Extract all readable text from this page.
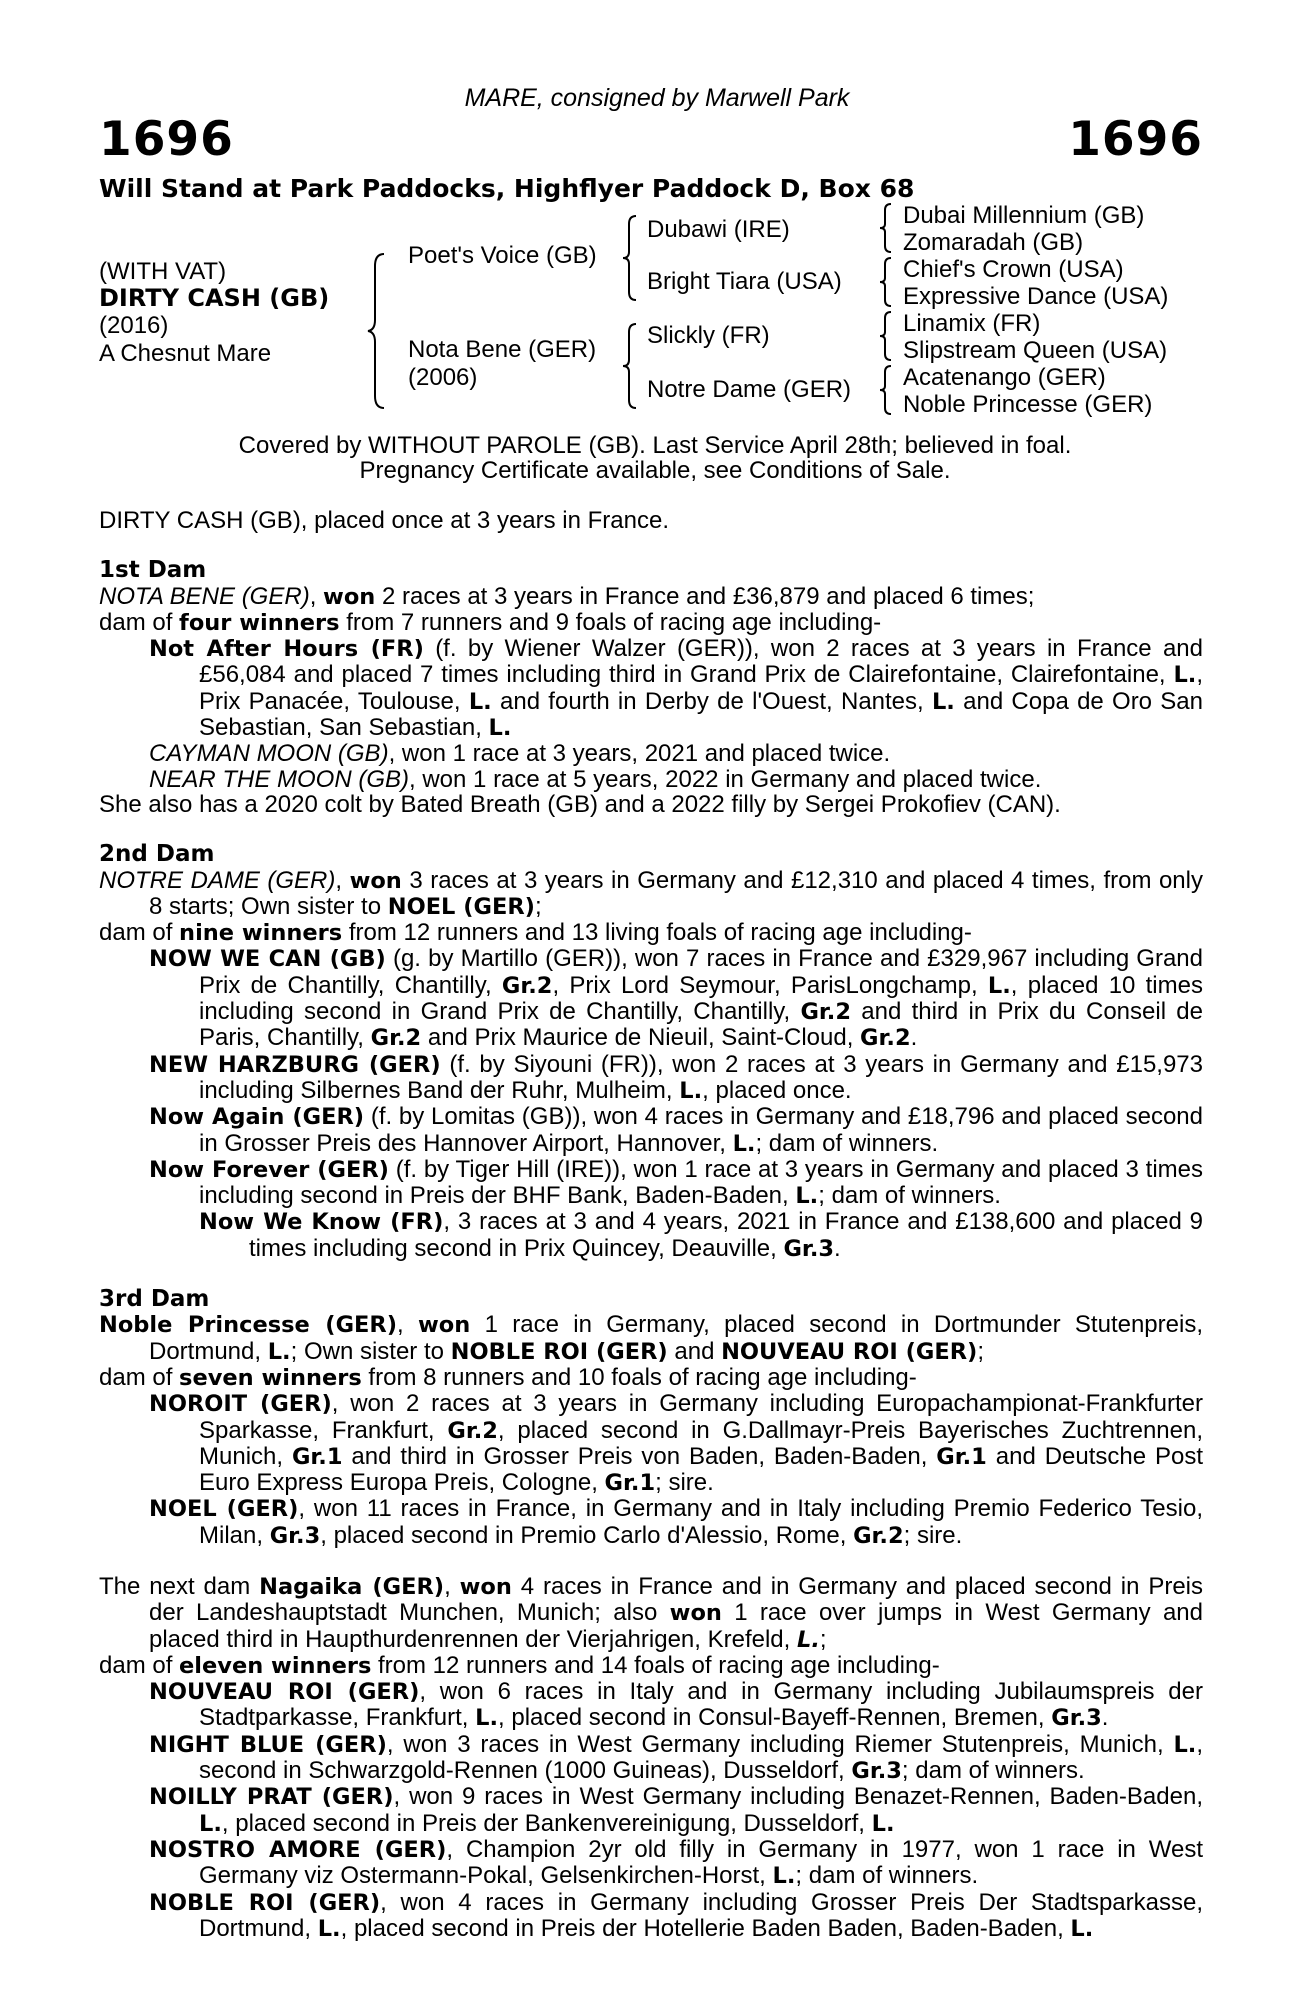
MARE, consigned by Marwell Park
1696	1696
Will Stand at Park Paddocks, Highflyer Paddock D, Box 68
(WITH VAT)
DIRTY CASH (GB)
(2016)
A Chesnut Mare
Poet's Voice (GB)
Nota Bene (GER)
(2006)
Dubawi (IRE)
Bright Tiara (USA)
Slickly (FR)
Notre Dame (GER)
Dubai Millennium (GB)
Zomaradah (GB)
Chief's Crown (USA)
Expressive Dance (USA)
Linamix (FR)
Slipstream Queen (USA)
Acatenango (GER)
Noble Princesse (GER)
Covered by WITHOUT PAROLE (GB). Last Service April 28th; believed in foal.
Pregnancy Certificate available, see Conditions of Sale.

DIRTY CASH (GB), placed once at 3 years in France.

1st Dam

NOTA BENE (GER), won 2 races at 3 years in France and £36,879 and placed 6 times;

dam of four winners from 7 runners and 9 foals of racing age including-

Not After Hours (FR) (f. by Wiener Walzer (GER)), won 2 races at 3 years in France and £56,084 and placed 7 times including third in Grand Prix de Clairefontaine, Clairefontaine, L., Prix Panacée, Toulouse, L. and fourth in Derby de l'Ouest, Nantes, L. and Copa de Oro San Sebastian, San Sebastian, L.

CAYMAN MOON (GB), won 1 race at 3 years, 2021 and placed twice.

NEAR THE MOON (GB), won 1 race at 5 years, 2022 in Germany and placed twice.

She also has a 2020 colt by Bated Breath (GB) and a 2022 filly by Sergei Prokofiev (CAN).

2nd Dam

NOTRE DAME (GER), won 3 races at 3 years in Germany and £12,310 and placed 4 times, from only 8 starts; Own sister to NOEL (GER);

dam of nine winners from 12 runners and 13 living foals of racing age including-

NOW WE CAN (GB) (g. by Martillo (GER)), won 7 races in France and £329,967 including Grand Prix de Chantilly, Chantilly, Gr.2, Prix Lord Seymour, ParisLongchamp, L., placed 10 times including second in Grand Prix de Chantilly, Chantilly, Gr.2 and third in Prix du Conseil de Paris, Chantilly, Gr.2 and Prix Maurice de Nieuil, Saint-Cloud, Gr.2.

NEW HARZBURG (GER) (f. by Siyouni (FR)), won 2 races at 3 years in Germany and £15,973 including Silbernes Band der Ruhr, Mulheim, L., placed once.

Now Again (GER) (f. by Lomitas (GB)), won 4 races in Germany and £18,796 and placed second in Grosser Preis des Hannover Airport, Hannover, L.; dam of winners.

Now Forever (GER) (f. by Tiger Hill (IRE)), won 1 race at 3 years in Germany and placed 3 times including second in Preis der BHF Bank, Baden-Baden, L.; dam of winners.

Now We Know (FR), 3 races at 3 and 4 years, 2021 in France and £138,600 and placed 9 times including second in Prix Quincey, Deauville, Gr.3.

3rd Dam

Noble Princesse (GER), won 1 race in Germany, placed second in Dortmunder Stutenpreis, Dortmund, L.; Own sister to NOBLE ROI (GER) and NOUVEAU ROI (GER);

dam of seven winners from 8 runners and 10 foals of racing age including-

NOROIT (GER), won 2 races at 3 years in Germany including Europachampionat-Frankfurter Sparkasse, Frankfurt, Gr.2, placed second in G.Dallmayr-Preis Bayerisches Zuchtrennen, Munich, Gr.1 and third in Grosser Preis von Baden, Baden-Baden, Gr.1 and Deutsche Post Euro Express Europa Preis, Cologne, Gr.1; sire.

NOEL (GER), won 11 races in France, in Germany and in Italy including Premio Federico Tesio, Milan, Gr.3, placed second in Premio Carlo d'Alessio, Rome, Gr.2; sire.

The next dam Nagaika (GER), won 4 races in France and in Germany and placed second in Preis der Landeshauptstadt Munchen, Munich; also won 1 race over jumps in West Germany and placed third in Haupthurdenrennen der Vierjahrigen, Krefeld, L.;

dam of eleven winners from 12 runners and 14 foals of racing age including-

NOUVEAU ROI (GER), won 6 races in Italy and in Germany including Jubilaumspreis der Stadtparkasse, Frankfurt, L., placed second in Consul-Bayeff-Rennen, Bremen, Gr.3.

NIGHT BLUE (GER), won 3 races in West Germany including Riemer Stutenpreis, Munich, L., second in Schwarzgold-Rennen (1000 Guineas), Dusseldorf, Gr.3; dam of winners.

NOILLY PRAT (GER), won 9 races in West Germany including Benazet-Rennen, Baden-Baden, L., placed second in Preis der Bankenvereinigung, Dusseldorf, L.

NOSTRO AMORE (GER), Champion 2yr old filly in Germany in 1977, won 1 race in West Germany viz Ostermann-Pokal, Gelsenkirchen-Horst, L.; dam of winners.

NOBLE ROI (GER), won 4 races in Germany including Grosser Preis Der Stadtsparkasse, Dortmund, L., placed second in Preis der Hotellerie Baden Baden, Baden-Baden, L.
